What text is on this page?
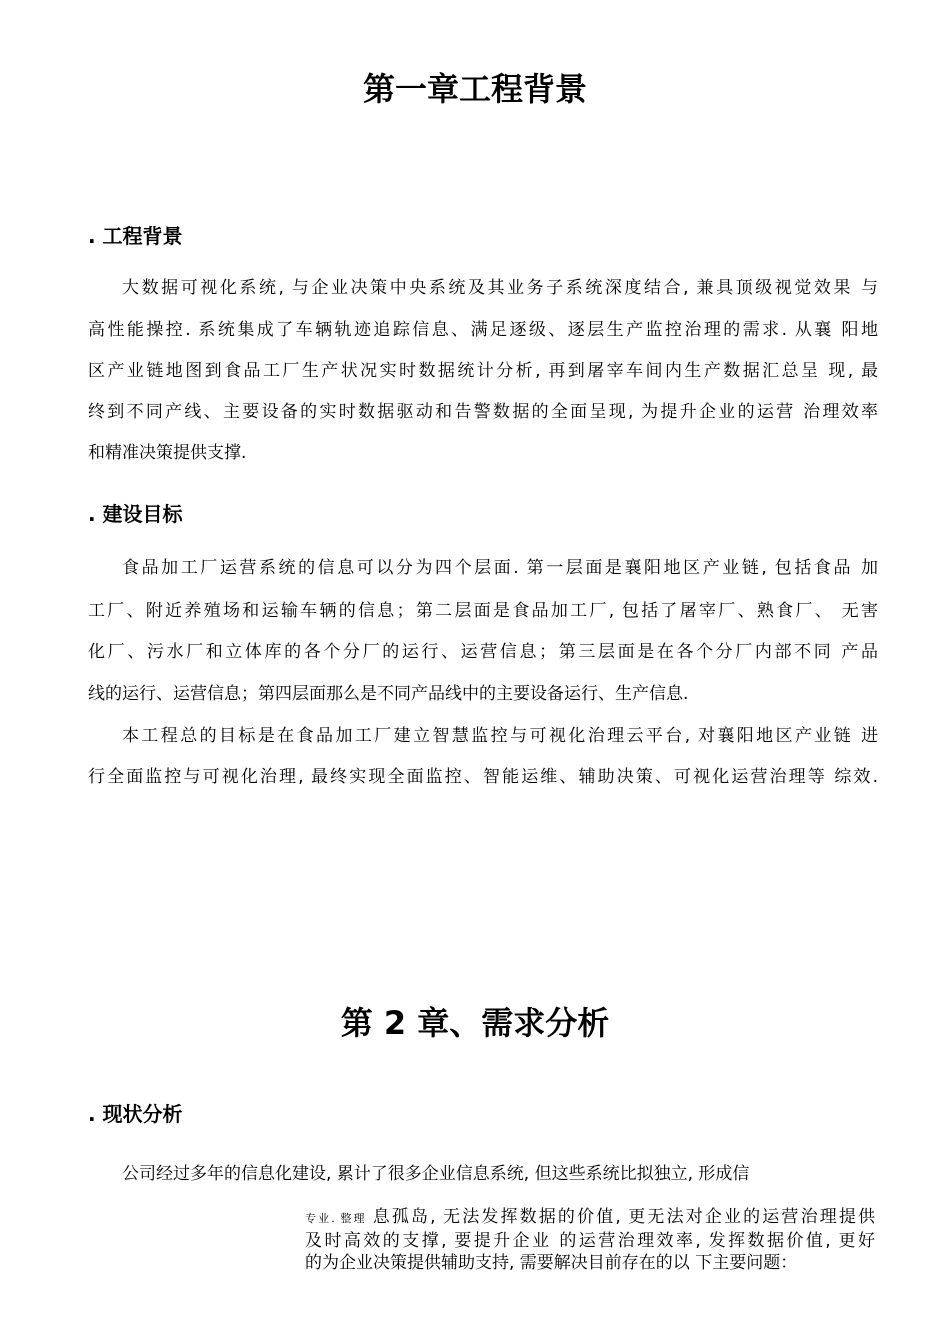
第一章工程背景
. 工程背景
大数据可视化系统, 与企业决策中央系统及其业务子系统深度结合, 兼具顶级视觉效果 与
高性能操控. 系统集成了车辆轨迹追踪信息、满足逐级、逐层生产监控治理的需求. 从襄 阳地
区产业链地图到食品工厂生产状况实时数据统计分析, 再到屠宰车间内生产数据汇总呈 现, 最
终到不同产线、主要设备的实时数据驱动和告警数据的全面呈现, 为提升企业的运营 治理效率
和精准决策提供支撑.
. 建设目标
食品加工厂运营系统的信息可以分为四个层面. 第一层面是襄阳地区产业链, 包括食品 加
工厂、附近养殖场和运输车辆的信息；第二层面是食品加工厂, 包括了屠宰厂、熟食厂、 无害
化厂、污水厂和立体库的各个分厂的运行、运营信息；第三层面是在各个分厂内部不同 产品
线的运行、运营信息；第四层面那么是不同产品线中的主要设备运行、生产信息.
本工程总的目标是在食品加工厂建立智慧监控与可视化治理云平台, 对襄阳地区产业链 进
行全面监控与可视化治理, 最终实现全面监控、智能运维、辅助决策、可视化运营治理等 综效.
第 2 章、需求分析
. 现状分析
公司经过多年的信息化建设, 累计了很多企业信息系统, 但这些系统比拟独立, 形成信
专业. 整理 息孤岛, 无法发挥数据的价值, 更无法对企业的运营治理提供
及时高效的支撑, 要提升企业 的运营治理效率, 发挥数据价值, 更好
的为企业决策提供辅助支持, 需要解决目前存在的以 下主要问题：
